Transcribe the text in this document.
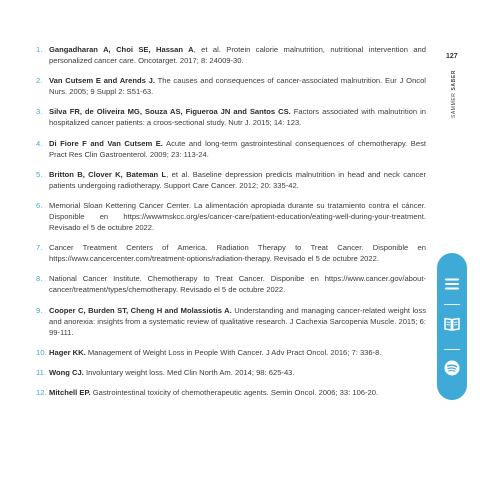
127
SAMMER SABER
1. Gangadharan A, Choi SE, Hassan A, et al. Protein calorie malnutrition, nutritional intervention and personalized cancer care. Oncotarget. 2017; 8: 24009-30.
2. Van Cutsem E and Arends J. The causes and consequences of cancer-associated malnutrition. Eur J Oncol Nurs. 2005; 9 Suppl 2: S51-63.
3. Silva FR, de Oliveira MG, Souza AS, Figueroa JN and Santos CS. Factors associated with malnutrition in hospitalized cancer patients: a croos-sectional study. Nutr J. 2015; 14: 123.
4. Di Fiore F and Van Cutsem E. Acute and long-term gastrointestinal consequences of chemotherapy. Best Pract Res Clin Gastroenterol. 2009; 23: 113-24.
5. Britton B, Clover K, Bateman L, et al. Baseline depression predicts malnutrition in head and neck cancer patients undergoing radiotherapy. Support Care Cancer. 2012; 20: 335-42.
6. Memorial Sloan Kettering Cancer Center. La alimentación apropiada durante su tratamiento contra el cáncer. Disponible en https://wwwmskcc.org/es/cancer-care/patient-education/eating-well-during-your-treatment. Revisado el 5 de octubre 2022.
7. Cancer Treatment Centers of America. Radiation Therapy to Treat Cancer. Disponible en https://www.cancercenter.com/treatment-options/radiation-therapy. Revisado el 5 de octubre 2022.
8. National Cancer Institute. Chemotherapy to Treat Cancer. Disponibe en https://www.cancer.gov/about-cancer/treatment/types/chemotherapy. Revisado el 5 de octubre 2022.
9. Cooper C, Burden ST, Cheng H and Molassiotis A. Understanding and managing cancer-related weight loss and anorexia: insights from a systematic review of qualitative research. J Cachexia Sarcopenia Muscle. 2015; 6: 99-111.
10. Hager KK. Management of Weight Loss in People With Cancer. J Adv Pract Oncol. 2016; 7: 336-8.
11. Wong CJ. Involuntary weight loss. Med Clin North Am. 2014; 98: 625-43.
12. Mitchell EP. Gastrointestinal toxicity of chemotherapeutic agents. Semin Oncol. 2006; 33: 106-20.
